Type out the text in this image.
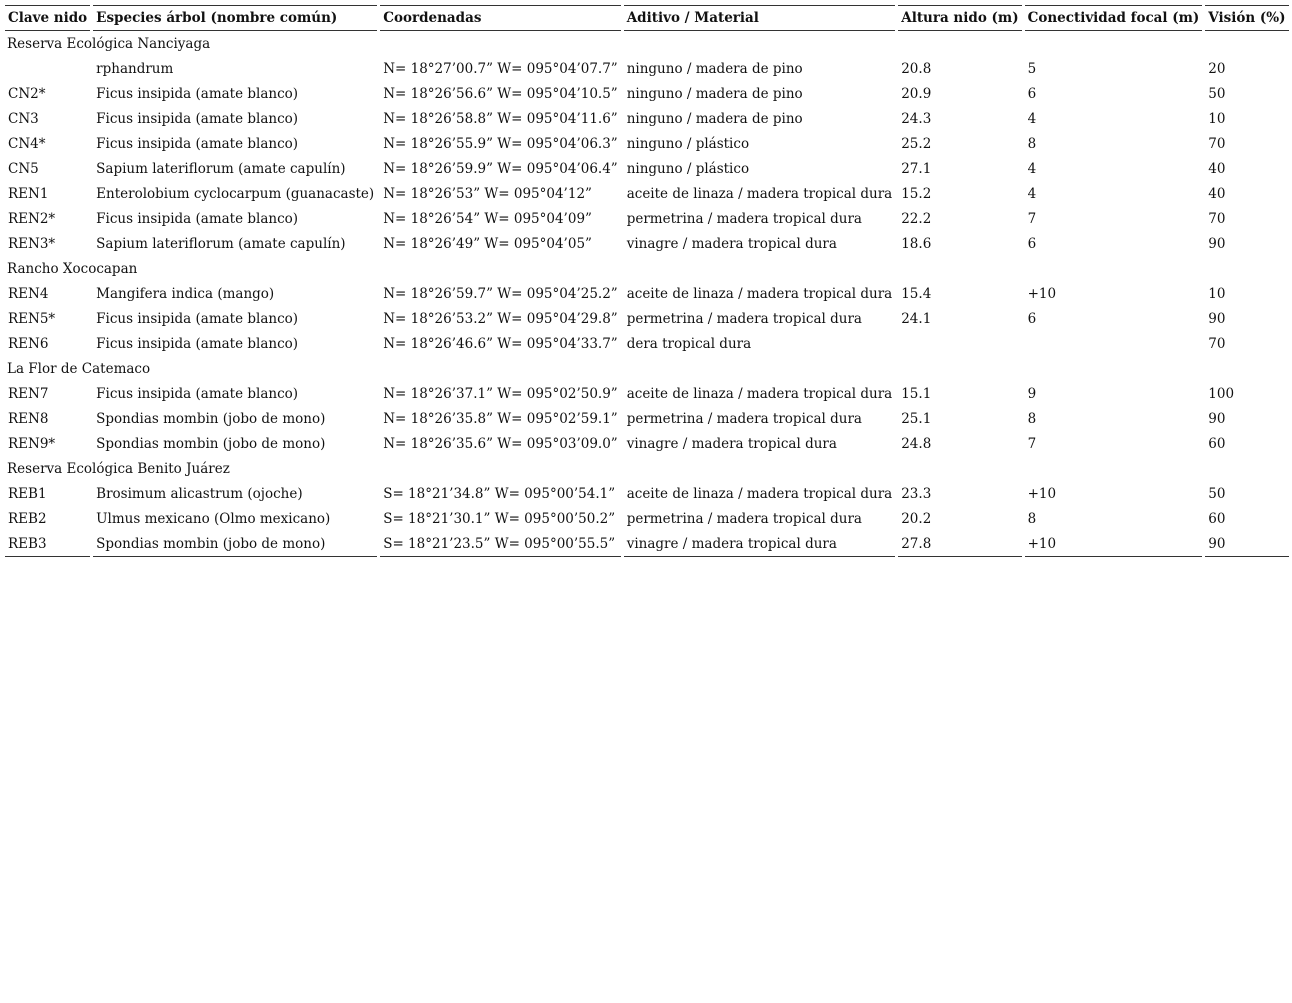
Clave nido	Especies árbol (nombre común)	Coordenadas	Aditivo / Material	Altura nido (m)	Conectividad focal (m)	Visión (%)
Reserva Ecológica Nanciyaga						
	rphandrum	N= 18°27’00.7” W= 095°04’07.7”	ninguno / madera de pino	20.8	5	20
CN2*	Ficus insipida (amate blanco)	N= 18°26’56.6” W= 095°04’10.5”	ninguno / madera de pino	20.9	6	50
CN3	Ficus insipida (amate blanco)	N= 18°26’58.8” W= 095°04’11.6”	ninguno / madera de pino	24.3	4	10
CN4*	Ficus insipida (amate blanco)	N= 18°26’55.9” W= 095°04’06.3”	ninguno / plástico	25.2	8	70
CN5	Sapium lateriflorum (amate capulín)	N= 18°26’59.9” W= 095°04’06.4”	ninguno / plástico	27.1	4	40
REN1	Enterolobium cyclocarpum (guanacaste)	N= 18°26’53” W= 095°04’12”	aceite de linaza / madera tropical dura	15.2	4	40
REN2*	Ficus insipida (amate blanco)	N= 18°26’54” W= 095°04’09”	permetrina / madera tropical dura	22.2	7	70
REN3*	Sapium lateriflorum (amate capulín)	N= 18°26’49” W= 095°04’05”	vinagre / madera tropical dura	18.6	6	90
Rancho Xococapan						
REN4	Mangifera indica (mango)	N= 18°26’59.7” W= 095°04’25.2”	aceite de linaza / madera tropical dura	15.4	+10	10
REN5*	Ficus insipida (amate blanco)	N= 18°26’53.2” W= 095°04’29.8”	permetrina / madera tropical dura	24.1	6	90
REN6	Ficus insipida (amate blanco)	N= 18°26’46.6” W= 095°04’33.7”	dera tropical dura			70
La Flor de Catemaco						
REN7	Ficus insipida (amate blanco)	N= 18°26’37.1” W= 095°02’50.9”	aceite de linaza / madera tropical dura	15.1	9	100
REN8	Spondias mombin (jobo de mono)	N= 18°26’35.8” W= 095°02’59.1”	permetrina / madera tropical dura	25.1	8	90
REN9*	Spondias mombin (jobo de mono)	N= 18°26’35.6” W= 095°03’09.0”	vinagre / madera tropical dura	24.8	7	60
Reserva Ecológica Benito Juárez						
REB1	Brosimum alicastrum (ojoche)	S= 18°21’34.8” W= 095°00’54.1”	aceite de linaza / madera tropical dura	23.3	+10	50
REB2	Ulmus mexicano (Olmo mexicano)	S= 18°21’30.1” W= 095°00’50.2”	permetrina / madera tropical dura	20.2	8	60
REB3	Spondias mombin (jobo de mono)	S= 18°21’23.5” W= 095°00’55.5”	vinagre / madera tropical dura	27.8	+10	90
